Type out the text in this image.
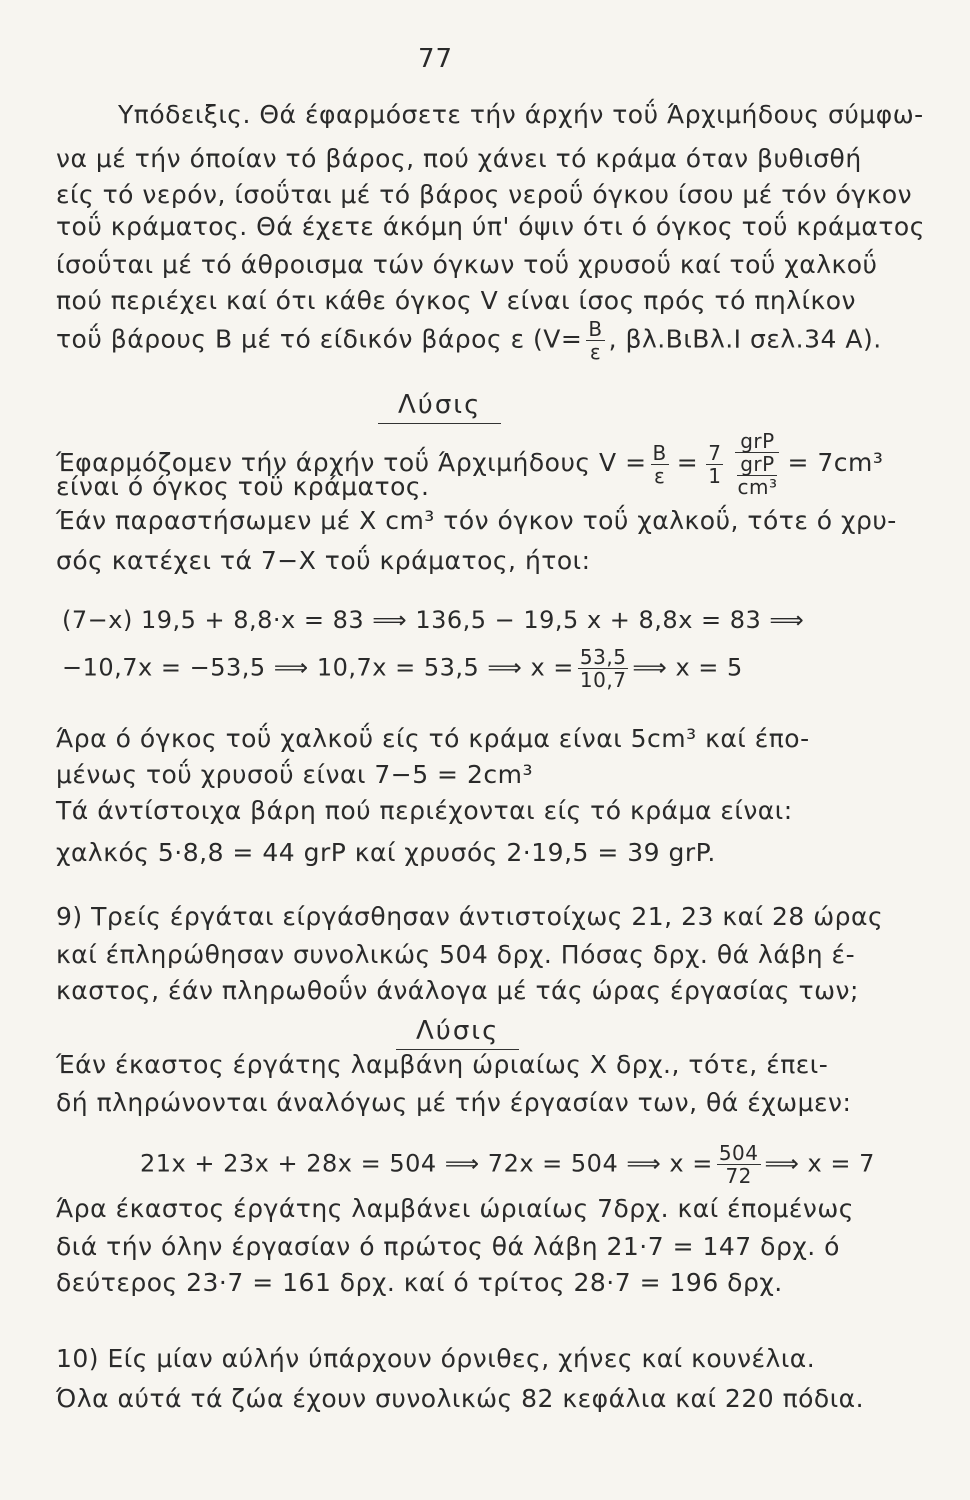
77
Υπόδειξις. Θά έφαρμόσετε τήν άρχήν τοΰ Άρχιμήδους σύμφω-
να μέ τήν όποίαν τό βάρος, πού χάνει τό κράμα όταν βυθισθή
είς τό νερόν, ίσοΰται μέ τό βάρος νεροΰ όγκου ίσου μέ τόν όγκον
τοΰ κράματος. Θά έχετε άκόμη ύπ' όψιν ότι ό όγκος τοΰ κράματος
ίσοΰται μέ τό άθροισμα τών όγκων τοΰ χρυσοΰ καί τοΰ χαλκοΰ
πού περιέχει καί ότι κάθε όγκος V είναι ίσος πρός τό πηλίκον
τοΰ βάρους B μέ τό είδικόν βάρος ε ($V= \frac{B}{\varepsilon}$ , βλ.ΒιΒλ.Ι σελ.34 Α).
Λύσις
Έφαρμόζομεν τήν άρχήν τοΰ Άρχιμήδους $V = \frac{B}{\varepsilon} = \frac{7}{1}$ grP
grP
cm³ = 7cm³
είναι ό όγκος τοΰ κράματος.
Έάν παραστήσωμεν μέ X cm³ τόν όγκον τοΰ χαλκοΰ, τότε ό χρυ-
σός κατέχει τά 7−X τοΰ κράματος, ήτοι:
(7−x) 19,5 + 8,8·x = 83 ⟹ 136,5 − 19,5 x + 8,8x = 83 ⟹
−10,7x = −53,5 ⟹ 10,7x = 53,5 ⟹ $x = \frac{53,5}{10,7}$ ⟹ x = 5
Άρα ό όγκος τοΰ χαλκοΰ είς τό κράμα είναι 5cm³ καί έπο-
μένως τοΰ χρυσοΰ είναι 7−5 = 2cm³
Τά άντίστοιχα βάρη πού περιέχονται είς τό κράμα είναι:
χαλκός 5·8,8 = 44 grP καί χρυσός 2·19,5 = 39 grP.
9) Τρείς έργάται είργάσθησαν άντιστοίχως 21, 23 καί 28 ώρας
καί έπληρώθησαν συνολικώς 504 δρχ. Πόσας δρχ. θά λάβη έ-
καστος, έάν πληρωθοΰν άνάλογα μέ τάς ώρας έργασίας των;
Λύσις
Έάν έκαστος έργάτης λαμβάνη ώριαίως X δρχ., τότε, έπει-
δή πληρώνονται άναλόγως μέ τήν έργασίαν των, θά έχωμεν:
21x + 23x + 28x = 504 ⟹ 72x = 504 ⟹ $x = \frac{504}{72}$ ⟹ x = 7
Άρα έκαστος έργάτης λαμβάνει ώριαίως 7δρχ. καί έπομένως
διά τήν όλην έργασίαν ό πρώτος θά λάβη 21·7 = 147 δρχ. ό
δεύτερος 23·7 = 161 δρχ. καί ό τρίτος 28·7 = 196 δρχ.
10) Είς μίαν αύλήν ύπάρχουν όρνιθες, χήνες καί κουνέλια.
Όλα αύτά τά ζώα έχουν συνολικώς 82 κεφάλια καί 220 πόδια.
